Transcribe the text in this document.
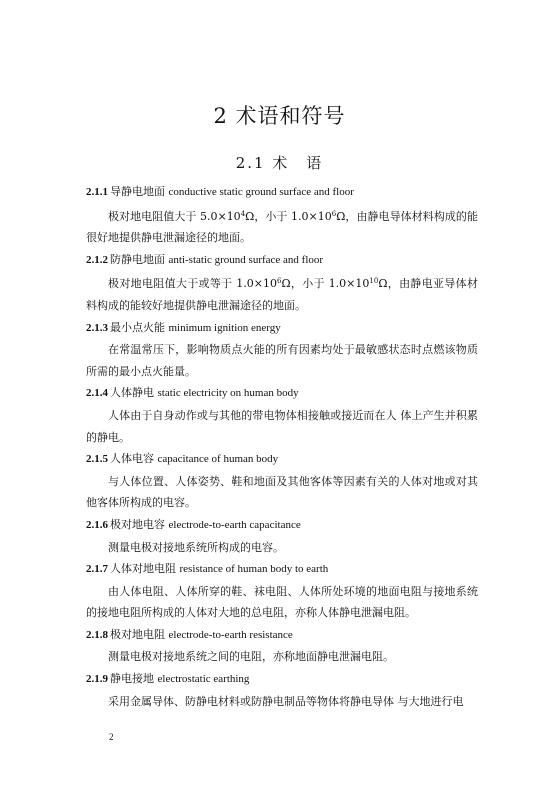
2 术语和符号
2.1 术　语

2.1.1 导静电地面 conductive static ground surface and floor

极对地电阻值大于 $5.0\times 10^4\Omega$，小于 $1.0\times 10^6\Omega$，由静电导体材料构成的能很好地提供静电泄漏途径的地面。

2.1.2 防静电地面 anti-static ground surface and floor

极对地电阻值大于或等于 $1.0\times 10^6\Omega$，小于 $1.0\times 10^{10}\Omega$，由静电亚导体材料构成的能较好地提供静电泄漏途径的地面。

2.1.3 最小点火能 minimum ignition energy

在常温常压下，影响物质点火能的所有因素均处于最敏感状态时点燃该物质所需的最小点火能量。

2.1.4 人体静电 static electricity on human body

人体由于自身动作或与其他的带电物体相接触或接近而在人 体上产生并积累的静电。

2.1.5 人体电容 capacitance of human body

与人体位置、人体姿势、鞋和地面及其他客体等因素有关的人体对地或对其他客体所构成的电容。

2.1.6 极对地电容 electrode-to-earth capacitance

测量电极对接地系统所构成的电容。

2.1.7 人体对地电阻 resistance of human body to earth

由人体电阻、人体所穿的鞋、袜电阻、人体所处环境的地面电阻与接地系统的接地电阻所构成的人体对大地的总电阻，亦称人体静电泄漏电阻。

2.1.8 极对地电阻 electrode-to-earth resistance

测量电极对接地系统之间的电阻，亦称地面静电泄漏电阻。

2.1.9 静电接地 electrostatic earthing

采用金属导体、防静电材料或防静电制品等物体将静电导体 与大地进行电

2
